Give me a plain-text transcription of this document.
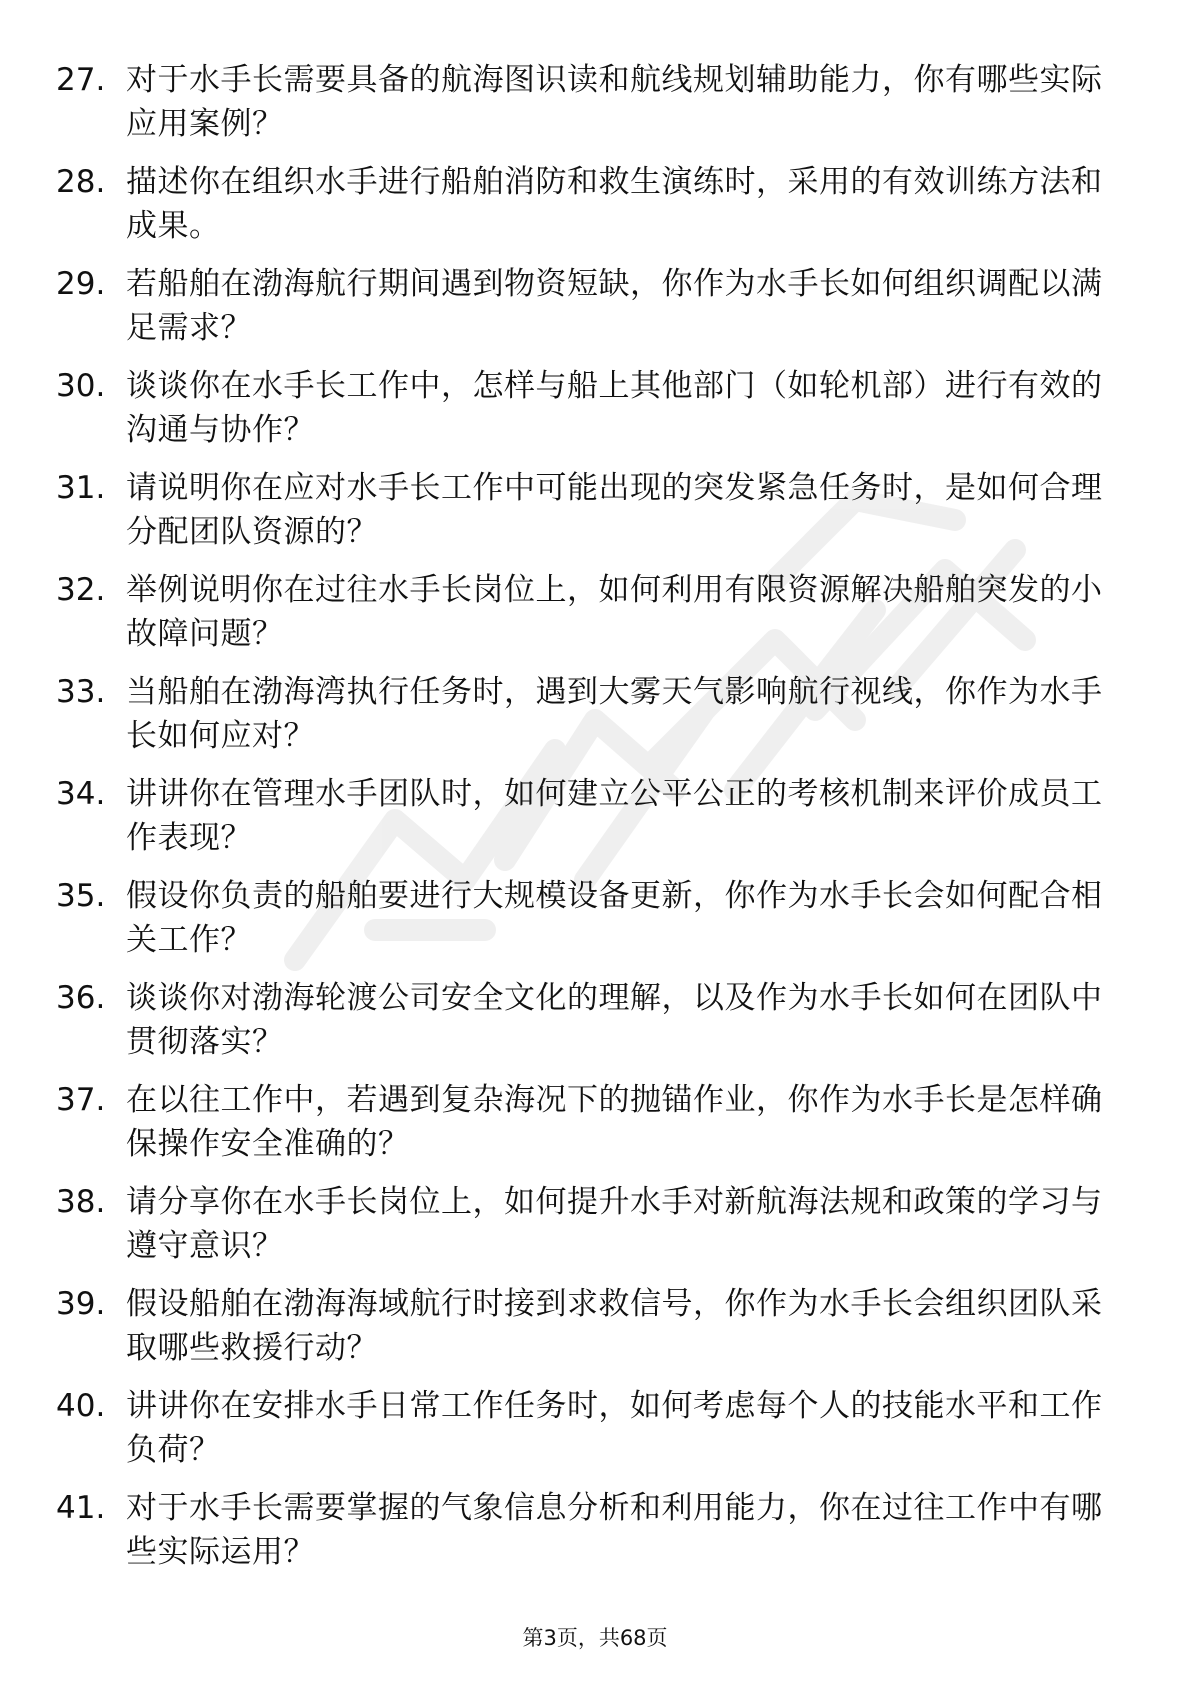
27. 对于水手长需要具备的航海图识读和航线规划辅助能力，你有哪些实际应用案例？
28. 描述你在组织水手进行船舶消防和救生演练时，采用的有效训练方法和成果。
29. 若船舶在渤海航行期间遇到物资短缺，你作为水手长如何组织调配以满足需求？
30. 谈谈你在水手长工作中，怎样与船上其他部门（如轮机部）进行有效的沟通与协作？
31. 请说明你在应对水手长工作中可能出现的突发紧急任务时，是如何合理分配团队资源的？
32. 举例说明你在过往水手长岗位上，如何利用有限资源解决船舶突发的小故障问题？
33. 当船舶在渤海湾执行任务时，遇到大雾天气影响航行视线，你作为水手长如何应对？
34. 讲讲你在管理水手团队时，如何建立公平公正的考核机制来评价成员工作表现？
35. 假设你负责的船舶要进行大规模设备更新，你作为水手长会如何配合相关工作？
36. 谈谈你对渤海轮渡公司安全文化的理解，以及作为水手长如何在团队中贯彻落实？
37. 在以往工作中，若遇到复杂海况下的抛锚作业，你作为水手长是怎样确保操作安全准确的？
38. 请分享你在水手长岗位上，如何提升水手对新航海法规和政策的学习与遵守意识？
39. 假设船舶在渤海海域航行时接到求救信号，你作为水手长会组织团队采取哪些救援行动？
40. 讲讲你在安排水手日常工作任务时，如何考虑每个人的技能水平和工作负荷？
41. 对于水手长需要掌握的气象信息分析和利用能力，你在过往工作中有哪些实际运用？
第3页，共68页
